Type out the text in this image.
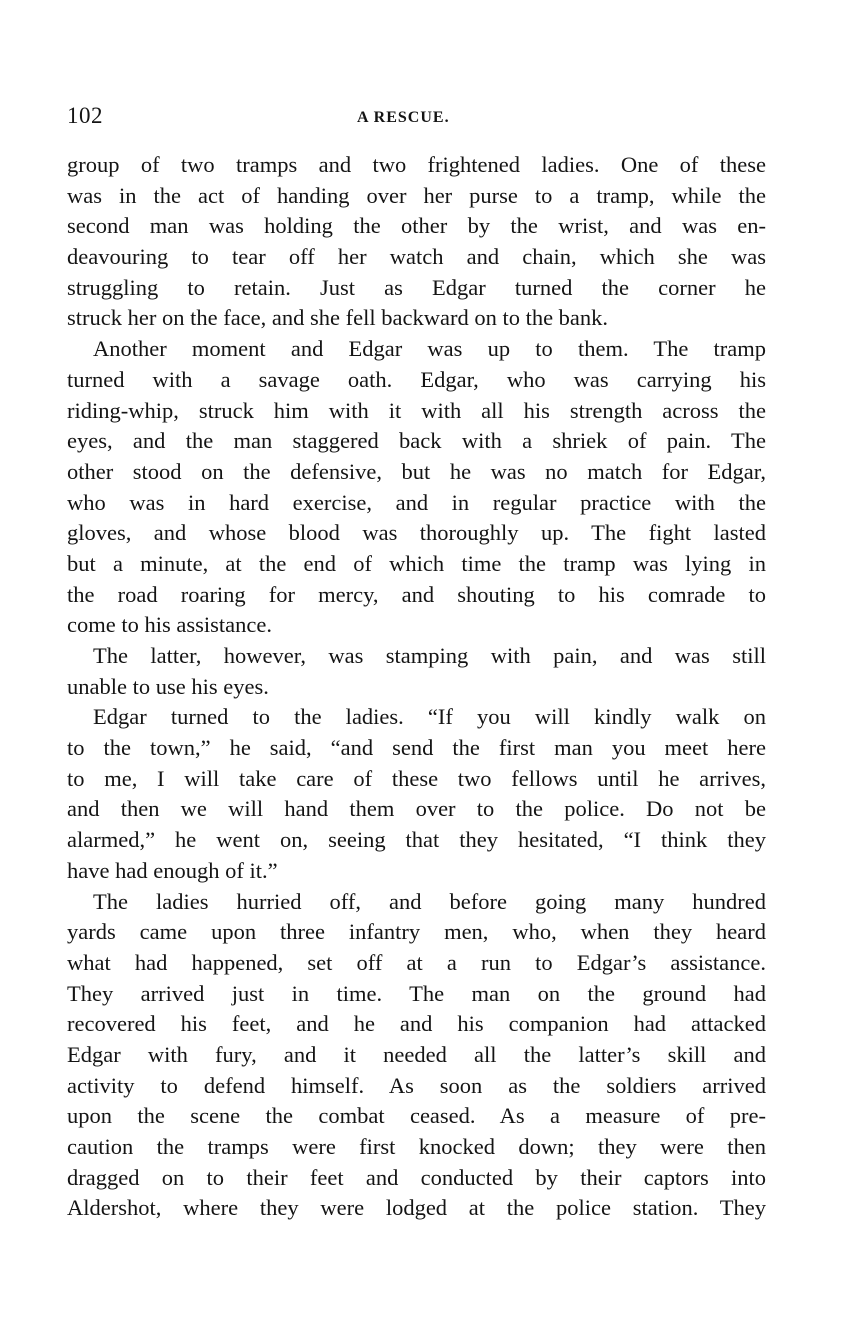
102	A RESCUE.
group of two tramps and two frightened ladies. One of these
was in the act of handing over her purse to a tramp, while the
second man was holding the other by the wrist, and was en-
deavouring to tear off her watch and chain, which she was
struggling to retain. Just as Edgar turned the corner he
struck her on the face, and she fell backward on to the bank.
Another moment and Edgar was up to them. The tramp
turned with a savage oath. Edgar, who was carrying his
riding-whip, struck him with it with all his strength across the
eyes, and the man staggered back with a shriek of pain. The
other stood on the defensive, but he was no match for Edgar,
who was in hard exercise, and in regular practice with the
gloves, and whose blood was thoroughly up. The fight lasted
but a minute, at the end of which time the tramp was lying in
the road roaring for mercy, and shouting to his comrade to
come to his assistance.
The latter, however, was stamping with pain, and was still
unable to use his eyes.
Edgar turned to the ladies. “If you will kindly walk on
to the town,” he said, “and send the first man you meet here
to me, I will take care of these two fellows until he arrives,
and then we will hand them over to the police. Do not be
alarmed,” he went on, seeing that they hesitated, “I think they
have had enough of it.”
The ladies hurried off, and before going many hundred
yards came upon three infantry men, who, when they heard
what had happened, set off at a run to Edgar’s assistance.
They arrived just in time. The man on the ground had
recovered his feet, and he and his companion had attacked
Edgar with fury, and it needed all the latter’s skill and
activity to defend himself. As soon as the soldiers arrived
upon the scene the combat ceased. As a measure of pre-
caution the tramps were first knocked down; they were then
dragged on to their feet and conducted by their captors into
Aldershot, where they were lodged at the police station. They
